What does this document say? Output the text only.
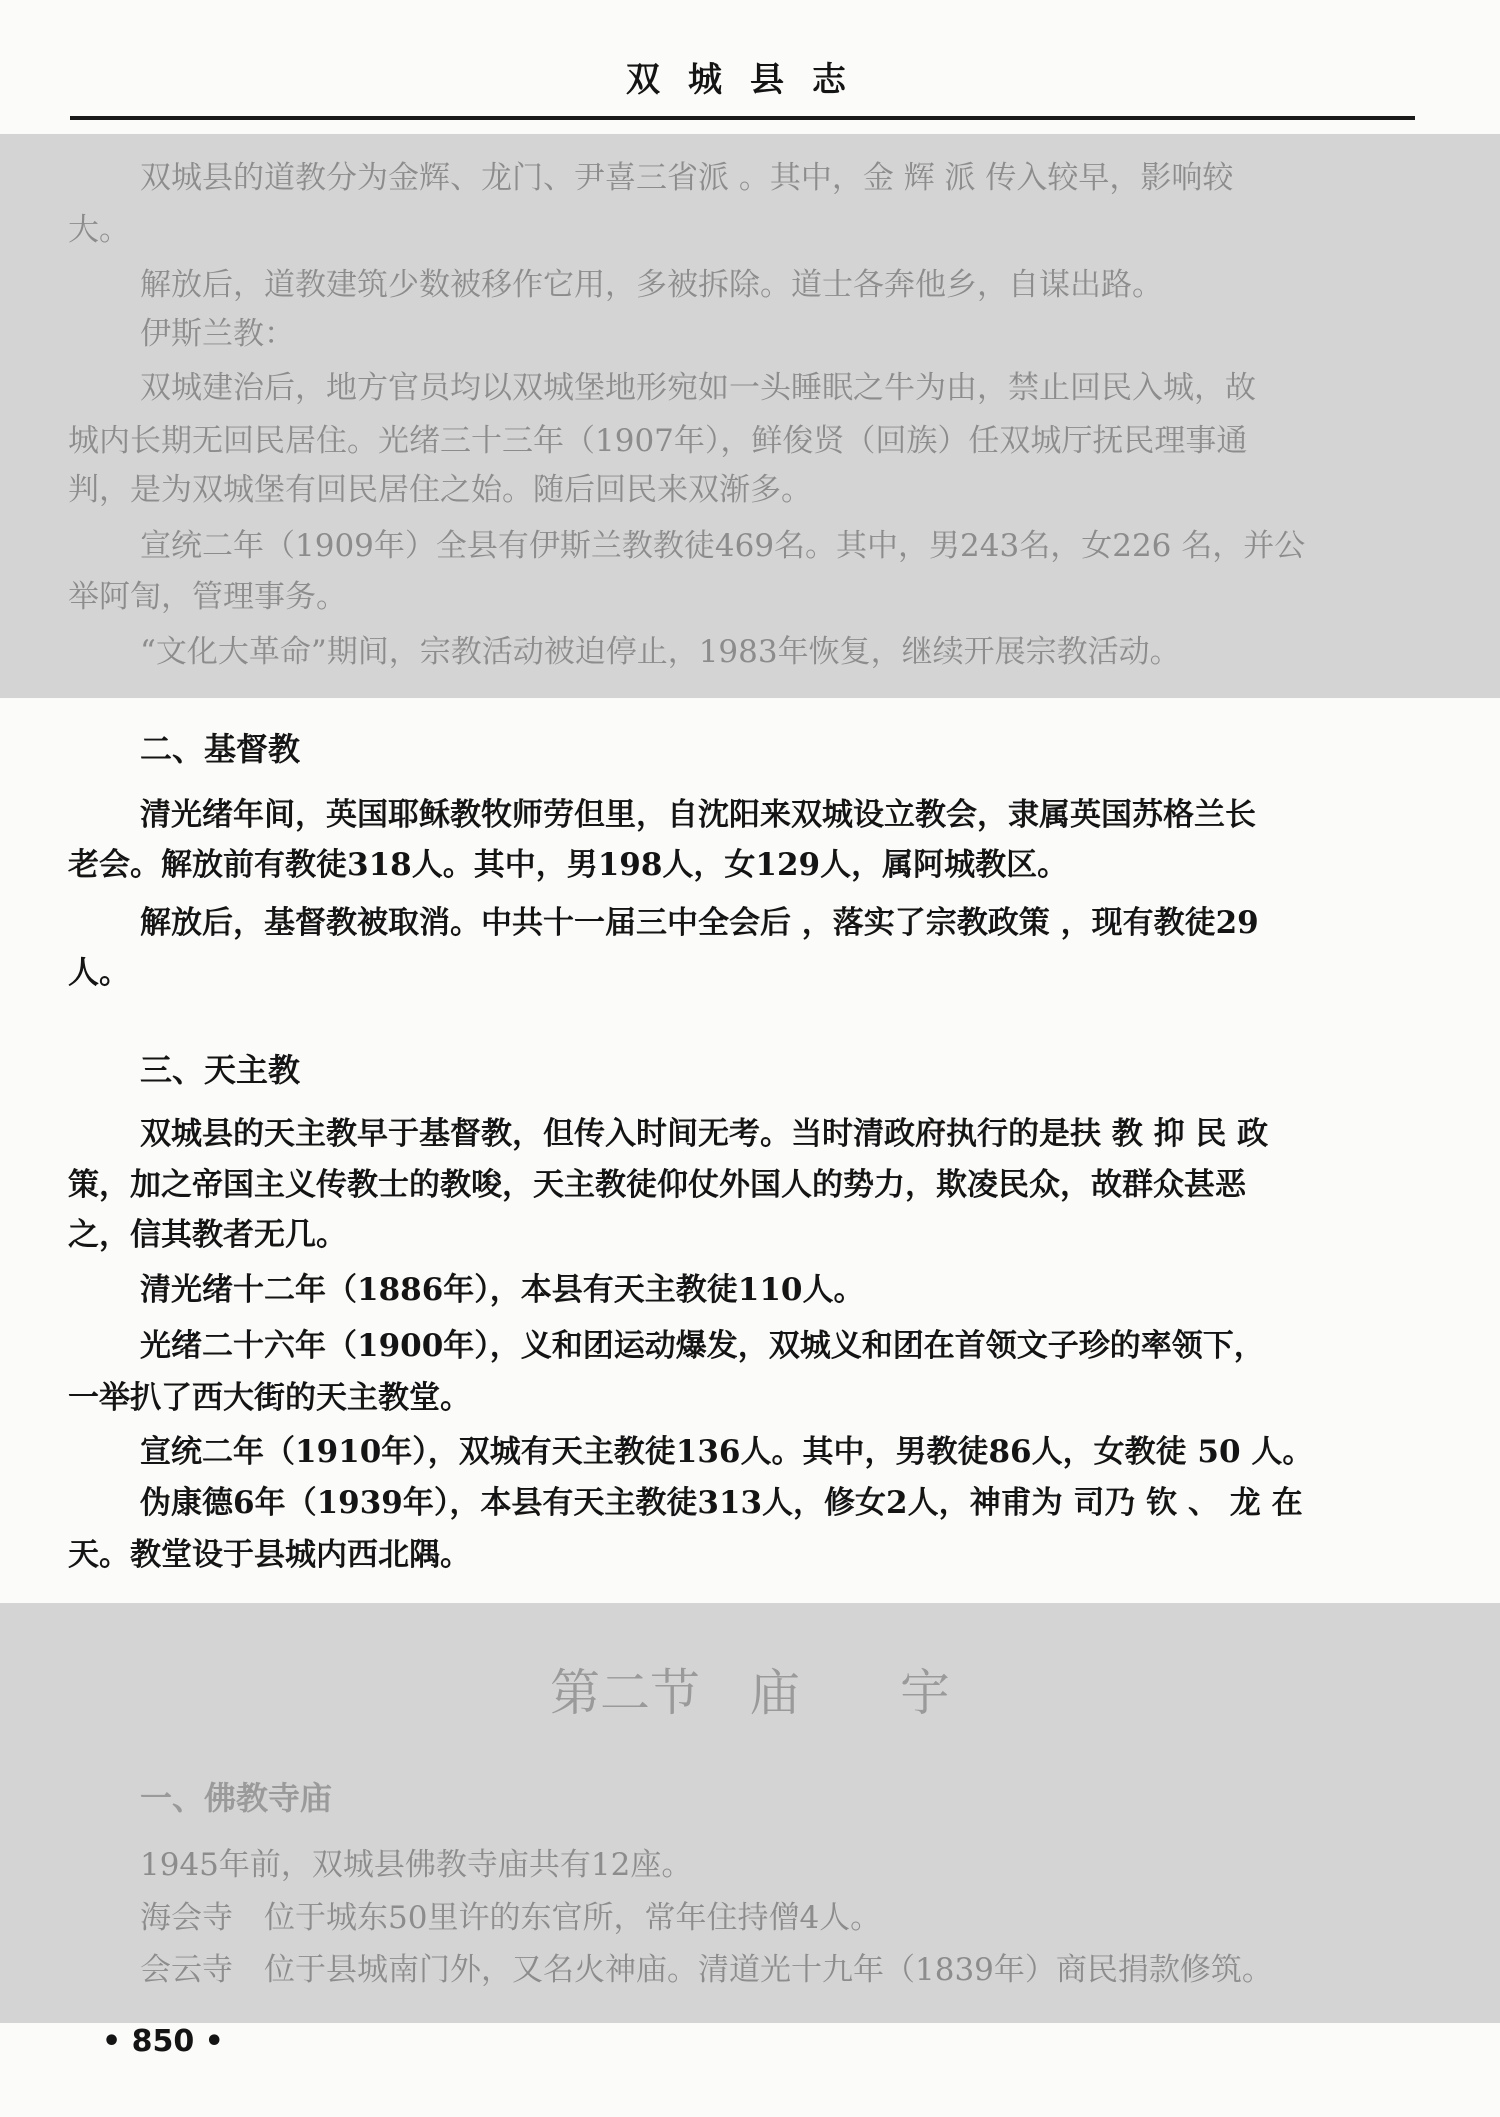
双城县志

双城县的道教分为金辉、龙门、尹喜三省派 。其中，金 辉 派 传入较早，影响较

大。

解放后，道教建筑少数被移作它用，多被拆除。道士各奔他乡，自谋出路。

伊斯兰教：

双城建治后，地方官员均以双城堡地形宛如一头睡眠之牛为由，禁止回民入城，故

城内长期无回民居住。光绪三十三年（1907年），鲜俊贤（回族）任双城厅抚民理事通

判，是为双城堡有回民居住之始。随后回民来双渐多。

宣统二年（1909年）全县有伊斯兰教教徒469名。其中，男243名，女226 名，并公

举阿訇，管理事务。

“文化大革命”期间，宗教活动被迫停止，1983年恢复，继续开展宗教活动。

二、基督教

清光绪年间，英国耶稣教牧师劳但里，自沈阳来双城设立教会，隶属英国苏格兰长

老会。解放前有教徒318人。其中，男198人，女129人，属阿城教区。

解放后，基督教被取消。中共十一届三中全会后 ，落实了宗教政策 ，现有教徒29

人。

三、天主教

双城县的天主教早于基督教，但传入时间无考。当时清政府执行的是扶 教 抑 民 政

策，加之帝国主义传教士的教唆，天主教徒仰仗外国人的势力，欺凌民众，故群众甚恶

之，信其教者无几。

清光绪十二年（1886年），本县有天主教徒110人。

光绪二十六年（1900年），义和团运动爆发，双城义和团在首领文子珍的率领下，

一举扒了西大街的天主教堂。

宣统二年（1910年），双城有天主教徒136人。其中，男教徒86人，女教徒 50 人。

伪康德6年（1939年），本县有天主教徒313人，修女2人，神甫为 司乃 钦 、 龙 在

天。教堂设于县城内西北隅。

第二节　庙　　宇
一、佛教寺庙

1945年前，双城县佛教寺庙共有12座。

海会寺　位于城东50里许的东官所，常年住持僧4人。

会云寺　位于县城南门外，又名火神庙。清道光十九年（1839年）商民捐款修筑。

• 850 •
